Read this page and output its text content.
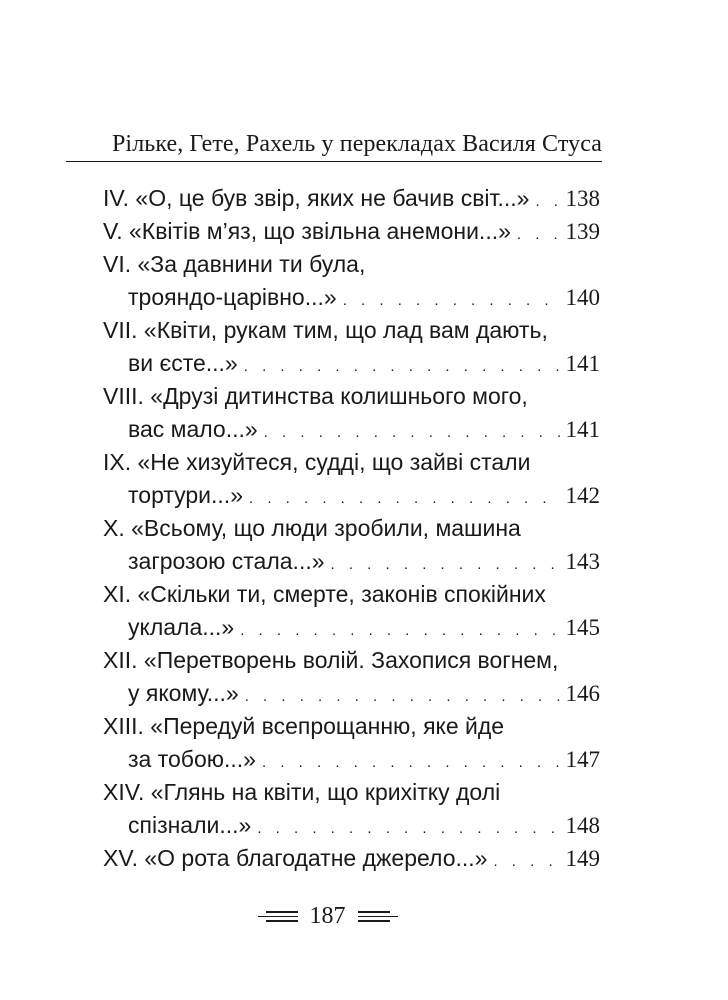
Рільке, Гете, Рахель у перекладах Василя Стуса
IV. «О, це був звір, яких не бачив світ...» . . . 138
V. «Квітів м’яз, що звільна анемони...» . . . 139
VI. «За давнини ти була,
трояндо-царівно...» . . .	140
VII. «Квіти, рукам тим, що лад вам дають,
ви єсте...» . . .	141
VIII. «Друзі дитинства колишнього мого,
вас мало...» . . .	141
IX. «Не хизуйтеся, судді, що зайві стали
тортури...» . . .	142
X. «Всьому, що люди зробили, машина
загрозою стала...» . . .	143
XI. «Скільки ти, смерте, законів спокійних
уклала...» . . .	145
XII. «Перетворень волій. Захопися вогнем,
у якому...» . . .	146
XIII. «Передуй всепрощанню, яке йде
за тобою...» . . .	147
XIV. «Глянь на квіти, що крихітку долі
спізнали...» . . .	148
XV. «О рота благодатне джерело...» . . .	149
187
